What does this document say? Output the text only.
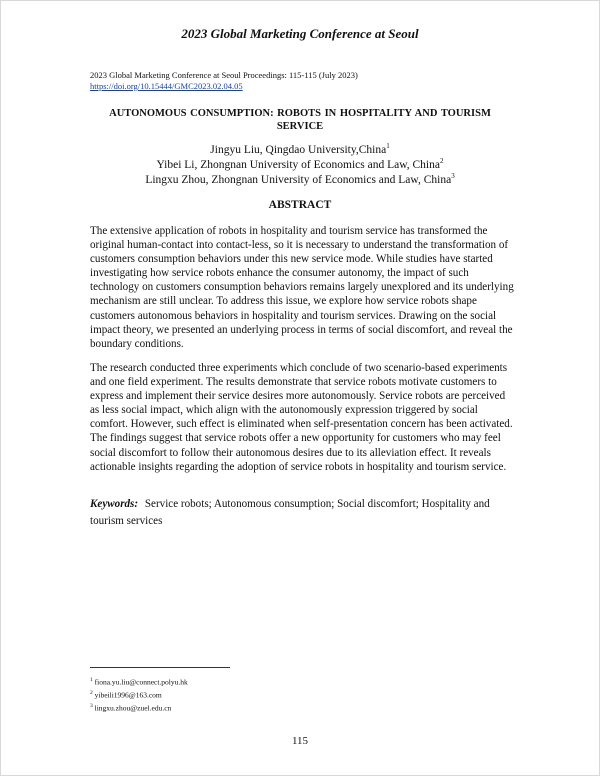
2023 Global Marketing Conference at Seoul
2023 Global Marketing Conference at Seoul Proceedings: 115-115 (July 2023)
https://doi.org/10.15444/GMC2023.02.04.05
AUTONOMOUS CONSUMPTION: ROBOTS IN HOSPITALITY AND TOURISM SERVICE
Jingyu Liu, Qingdao University,China$^1$
Yibei Li, Zhongnan University of Economics and Law, China$^2$
Lingxu Zhou, Zhongnan University of Economics and Law, China$^3$
ABSTRACT

The extensive application of robots in hospitality and tourism service has transformed the original human-contact into contact-less, so it is necessary to understand the transformation of customers consumption behaviors under this new service mode. While studies have started investigating how service robots enhance the consumer autonomy, the impact of such technology on customers consumption behaviors remains largely unexplored and its underlying mechanism are still unclear. To address this issue, we explore how service robots shape customers autonomous behaviors in hospitality and tourism services. Drawing on the social impact theory, we presented an underlying process in terms of social discomfort, and reveal the boundary conditions.

The research conducted three experiments which conclude of two scenario-based experiments and one field experiment. The results demonstrate that service robots motivate customers to express and implement their service desires more autonomously. Service robots are perceived as less social impact, which align with the autonomously expression triggered by social comfort. However, such effect is eliminated when self-presentation concern has been activated. The findings suggest that service robots offer a new opportunity for customers who may feel social discomfort to follow their autonomous desires due to its alleviation effect. It reveals actionable insights regarding the adoption of service robots in hospitality and tourism service.

Keywords: Service robots; Autonomous consumption; Social discomfort; Hospitality and tourism services
$^1$ fiona.yu.liu@connect.polyu.hk
$^2$ yibeili1996@163.com
$^3$ lingxu.zhou@zuel.edu.cn
115
